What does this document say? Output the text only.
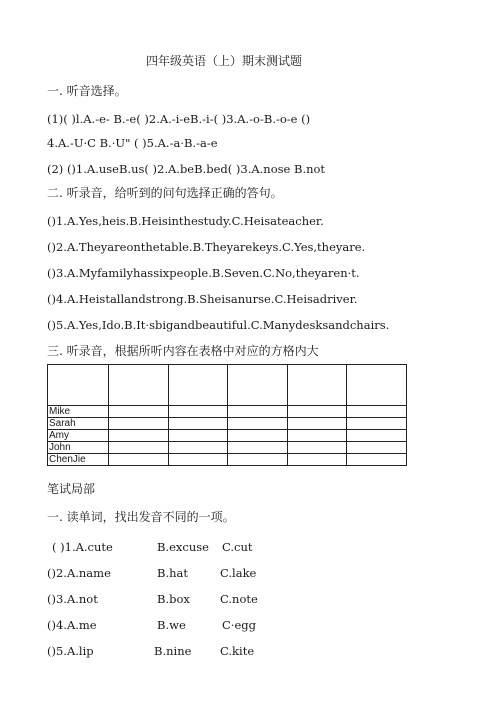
四年级英语（上）期末测试题
一. 听音选择。
(1)( )l.A.-e- B.-e( )2.A.-i-eB.-i-( )3.A.-o-B.-o-e ()
4.A.-U·C B.·U" ( )5.A.-a·B.-a-e
(2) ()1.A.useB.us( )2.A.beB.bed( )3.A.nose B.not
二. 听录音，给听到的问句选择正确的答句。
()1.A.Yes,heis.B.Heisinthestudy.C.Heisateacher.
()2.A.Theyareonthetable.B.Theyarekeys.C.Yes,theyare.
()3.A.Myfamilyhassixpeople.B.Seven.C.No,theyaren·t.
()4.A.Heistallandstrong.B.Sheisanurse.C.Heisadriver.
()5.A.Yes,Ido.B.It·sbigandbeautiful.C.Manydesksandchairs.
三. 听录音，根据所听内容在表格中对应的方格内大

Mike					
Sarah					
Amy					
John					
ChenJie					
笔试局部
一. 读单词，找出发音不同的一项。
( )1.A.cute	B.excuse C.cut
()2.A.name	B.hat	C.lake
()3.A.not	B.box	C.note
()4.A.me	B.we	C·egg
()5.A.lip	B.nine C.kite
